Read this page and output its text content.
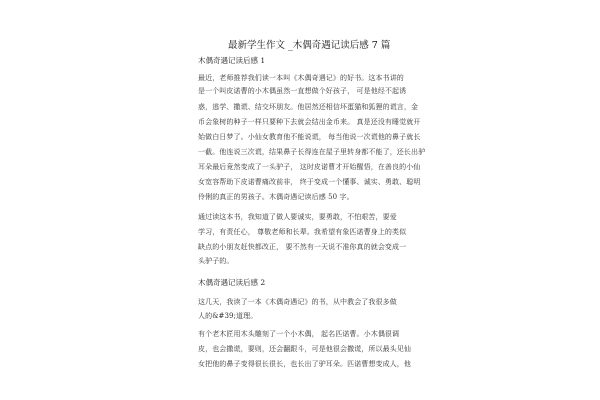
最新学生作文 _木偶奇遇记读后感 7 篇
木偶奇遇记读后感 1
最近，老师推荐我们读一本叫《木偶奇遇记》的好书。这本书讲的
是一个叫皮诺曹的小木偶虽然一直想做个好孩子， 可是他经不起诱
惑，逃学、撒谎、结交坏朋友。他居然还相信坏蛋猫和狐狸的谎言，金
币会象树的种子一样只要种下去就会结出金币来。 真是还没有睡觉就开
始做白日梦了。小仙女教育他不能说谎， 每当他说一次谎他的鼻子就长
一截。他连说三次谎，结果鼻子长得连在屋子里转身都不能了，还长出驴
耳朵最后竟然变成了一头驴子， 这时皮诺曹才开始醒悟，在善良的小仙
女宽容帮助下皮诺曹痛改前非， 终于变成一个懂事、诚实、勇敢、聪明
伶俐的真正的男孩子。木偶奇遇记读后感 50 字。
通过读这本书，我知道了做人要诚实，要勇敢，不怕艰苦，要爱
学习，有责任心， 尊敬老师和长辈。我希望有象匹诺曹身上的类似
缺点的小朋友赶快都改正， 要不然有一天说不准你真的就会变成一
头驴子的。
木偶奇遇记读后感 2
这几天，我读了一本《木偶奇遇记》的书，从中教会了我很多做
人的&#39;道理。
有个老木匠用木头雕刻了一个小木偶， 起名匹诺曹。小木偶很调
皮，也会撒谎，要则，还会翻跟斗，可是他很会撒谎，所以最头见仙
女把他的鼻子变得很长很长，也长出了驴耳朵。匹诺曹想变成人，他
